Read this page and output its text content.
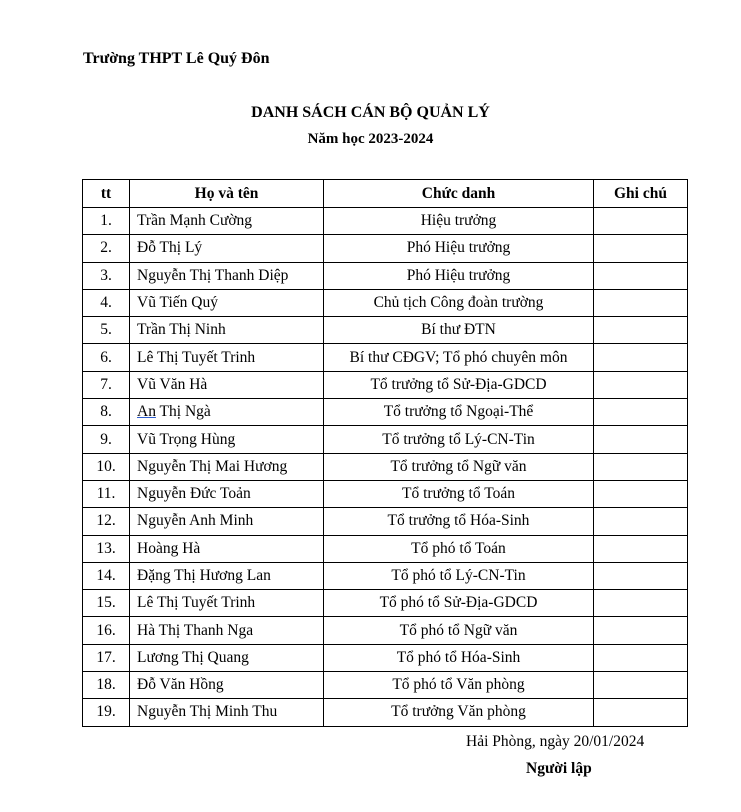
Trường THPT Lê Quý Đôn
DANH SÁCH CÁN BỘ QUẢN LÝ
Năm học 2023-2024
tt	Họ và tên	Chức danh	Ghi chú
1.	Trần Mạnh Cường	Hiệu trưởng	
2.	Đỗ Thị Lý	Phó Hiệu trưởng	
3.	Nguyễn Thị Thanh Diệp	Phó Hiệu trưởng	
4.	Vũ Tiến Quý	Chủ tịch Công đoàn trường	
5.	Trần Thị Ninh	Bí thư ĐTN	
6.	Lê Thị Tuyết Trinh	Bí thư CĐGV; Tổ phó chuyên môn	
7.	Vũ Văn Hà	Tổ trưởng tổ Sử-Địa-GDCD	
8.	An Thị Ngà	Tổ trưởng tổ Ngoại-Thể	
9.	Vũ Trọng Hùng	Tổ trưởng tổ Lý-CN-Tin	
10.	Nguyễn Thị Mai Hương	Tổ trưởng tổ Ngữ văn	
11.	Nguyễn Đức Toản	Tổ trưởng tổ Toán	
12.	Nguyễn Anh Minh	Tổ trưởng tổ Hóa-Sinh	
13.	Hoàng Hà	Tổ phó tổ Toán	
14.	Đặng Thị Hương Lan	Tổ phó tổ Lý-CN-Tin	
15.	Lê Thị Tuyết Trinh	Tổ phó tổ Sử-Địa-GDCD	
16.	Hà Thị Thanh Nga	Tổ phó tổ Ngữ văn	
17.	Lương Thị Quang	Tổ phó tổ Hóa-Sinh	
18.	Đỗ Văn Hồng	Tổ phó tổ Văn phòng	
19.	Nguyễn Thị Minh Thu	Tổ trưởng Văn phòng	
Hải Phòng, ngày 20/01/2024
Người lập
